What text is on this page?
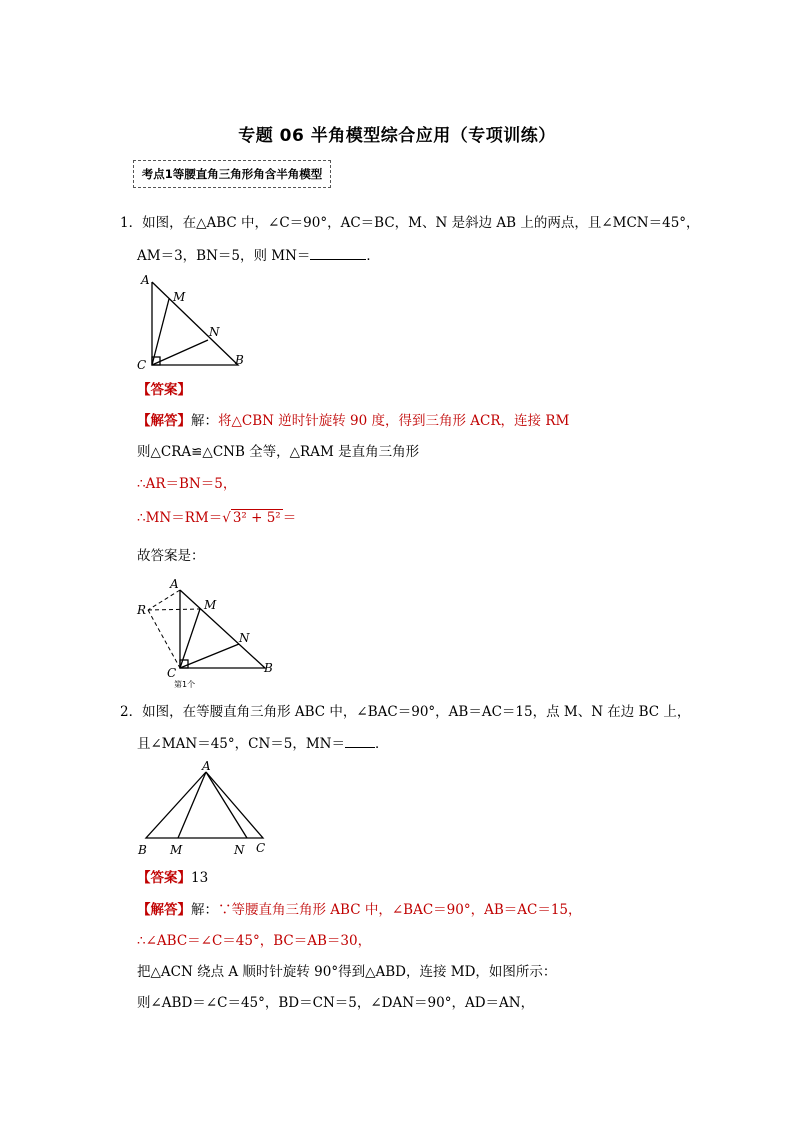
专题 06 半角模型综合应用（专项训练）
考点1等腰直角三角形角含半角模型
1．如图，在△ABC 中，∠C＝90°，AC＝BC，M、N 是斜边 AB 上的两点，且∠MCN＝45°，
AM＝3，BN＝5，则 MN＝	．
A
M
N
C	B
【答案】
【解答】解：将△CBN 逆时针旋转 90 度，得到三角形 ACR，连接 RM
则△CRA≌△CNB 全等，△RAM 是直角三角形
∴AR＝BN＝5，
∴MN＝RM＝√ 3² + 5² ＝
故答案是：
A
R	M
N
C	B
第1个
2．如图，在等腰直角三角形 ABC 中，∠BAC＝90°，AB＝AC＝15，点 M、N 在边 BC 上，
且∠MAN＝45°，CN＝5，MN＝ ．
A
B M	N C
【答案】13
【解答】解：∵等腰直角三角形 ABC 中，∠BAC＝90°，AB＝AC＝15，
∴∠ABC＝∠C＝45°，BC＝AB＝30，
把△ACN 绕点 A 顺时针旋转 90°得到△ABD，连接 MD，如图所示：
则∠ABD＝∠C＝45°，BD＝CN＝5，∠DAN＝90°，AD＝AN，
